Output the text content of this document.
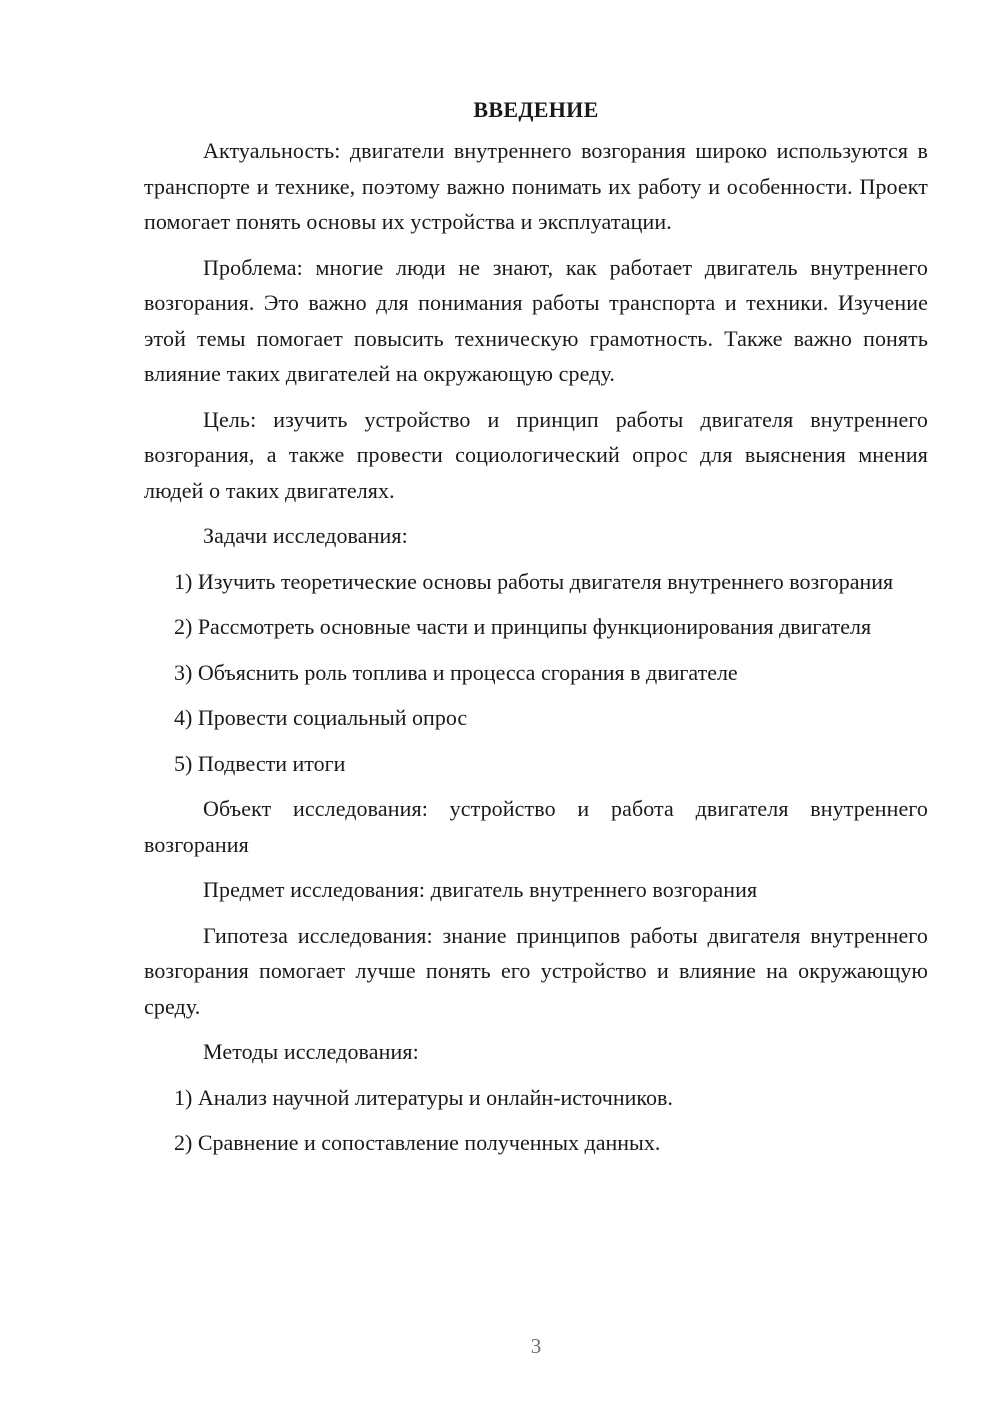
ВВЕДЕНИЕ

Актуальность: двигатели внутреннего возгорания широко используются в транспорте и технике, поэтому важно понимать их работу и особенности. Проект помогает понять основы их устройства и эксплуатации.

Проблема: многие люди не знают, как работает двигатель внутреннего возгорания. Это важно для понимания работы транспорта и техники. Изучение этой темы помогает повысить техническую грамотность. Также важно понять влияние таких двигателей на окружающую среду.

Цель: изучить устройство и принцип работы двигателя внутреннего возгорания, а также провести социологический опрос для выяснения мнения людей о таких двигателях.

Задачи исследования:

1) Изучить теоретические основы работы двигателя внутреннего возгорания

2) Рассмотреть основные части и принципы функционирования двигателя

3) Объяснить роль топлива и процесса сгорания в двигателе

4) Провести социальный опрос

5) Подвести итоги

Объект исследования: устройство и работа двигателя внутреннего возгорания

Предмет исследования: двигатель внутреннего возгорания

Гипотеза исследования: знание принципов работы двигателя внутреннего возгорания помогает лучше понять его устройство и влияние на окружающую среду.

Методы исследования:

1) Анализ научной литературы и онлайн-источников.

2) Сравнение и сопоставление полученных данных.

3
